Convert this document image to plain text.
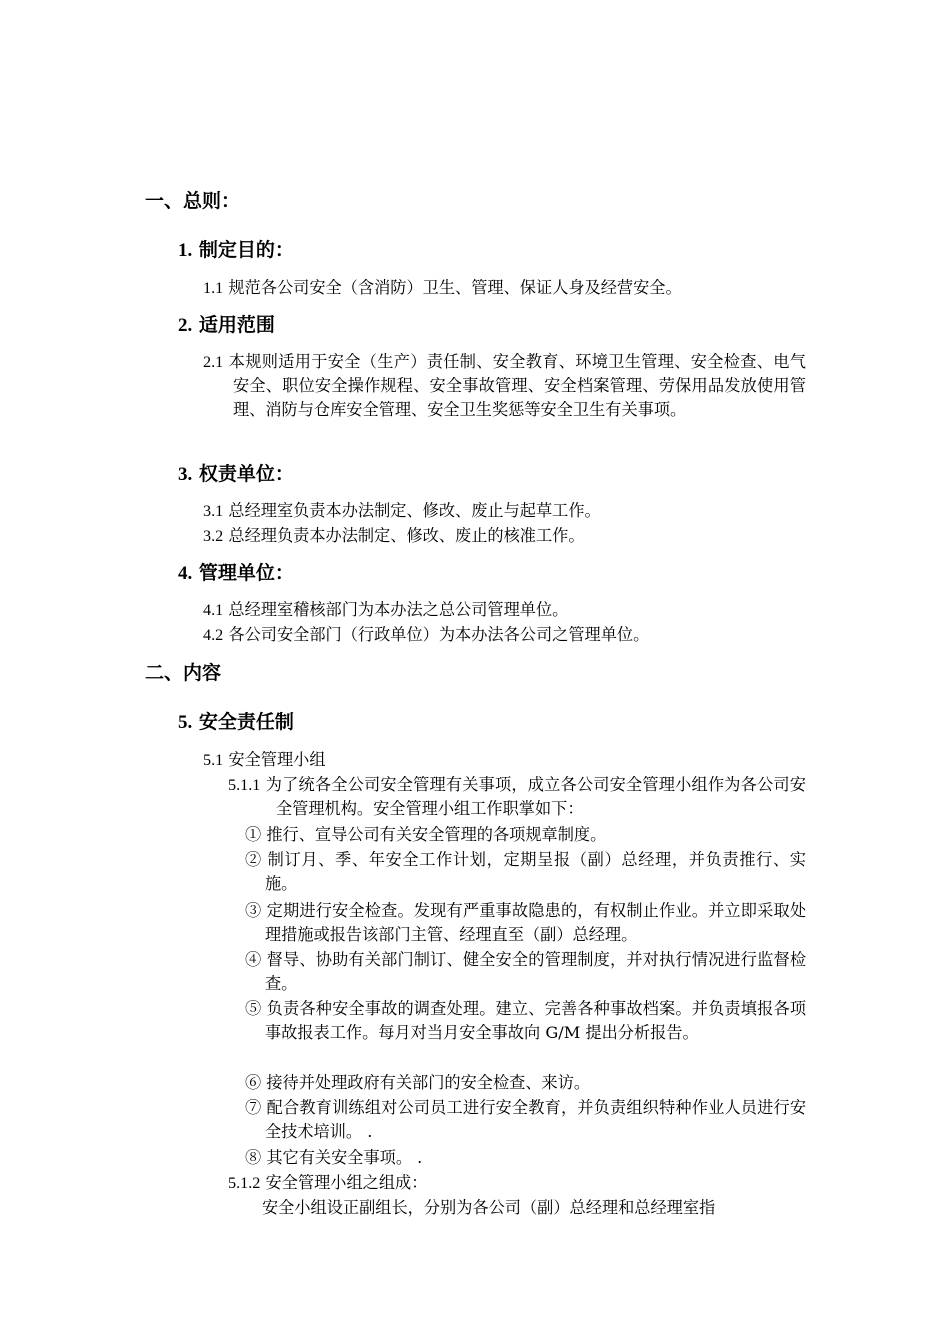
一、总则：
1. 制定目的：
1.1 规范各公司安全（含消防）卫生、管理、保证人身及经营安全。
2. 适用范围
2.1 本规则适用于安全（生产）责任制、安全教育、环境卫生管理、安全检查、电气安全、职位安全操作规程、安全事故管理、安全档案管理、劳保用品发放使用管理、消防与仓库安全管理、安全卫生奖惩等安全卫生有关事项。
3. 权责单位：
3.1 总经理室负责本办法制定、修改、废止与起草工作。
3.2 总经理负责本办法制定、修改、废止的核准工作。
4. 管理单位：
4.1 总经理室稽核部门为本办法之总公司管理单位。
4.2 各公司安全部门（行政单位）为本办法各公司之管理单位。
二、内容
5. 安全责任制
5.1 安全管理小组
5.1.1 为了统各全公司安全管理有关事项，成立各公司安全管理小组作为各公司安全管理机构。安全管理小组工作职掌如下：
① 推行、宣导公司有关安全管理的各项规章制度。
② 制订月、季、年安全工作计划，定期呈报（副）总经理，并负责推行、实施。
③ 定期进行安全检查。发现有严重事故隐患的，有权制止作业。并立即采取处理措施或报告该部门主管、经理直至（副）总经理。
④ 督导、协助有关部门制订、健全安全的管理制度，并对执行情况进行监督检查。
⑤ 负责各种安全事故的调查处理。建立、完善各种事故档案。并负责填报各项事故报表工作。每月对当月安全事故向 G/M 提出分析报告。
⑥ 接待并处理政府有关部门的安全检查、来访。
⑦ 配合教育训练组对公司员工进行安全教育，并负责组织特种作业人员进行安全技术培训。 .
⑧ 其它有关安全事项。 .
5.1.2 安全管理小组之组成：
安全小组设正副组长，分别为各公司（副）总经理和总经理室指
